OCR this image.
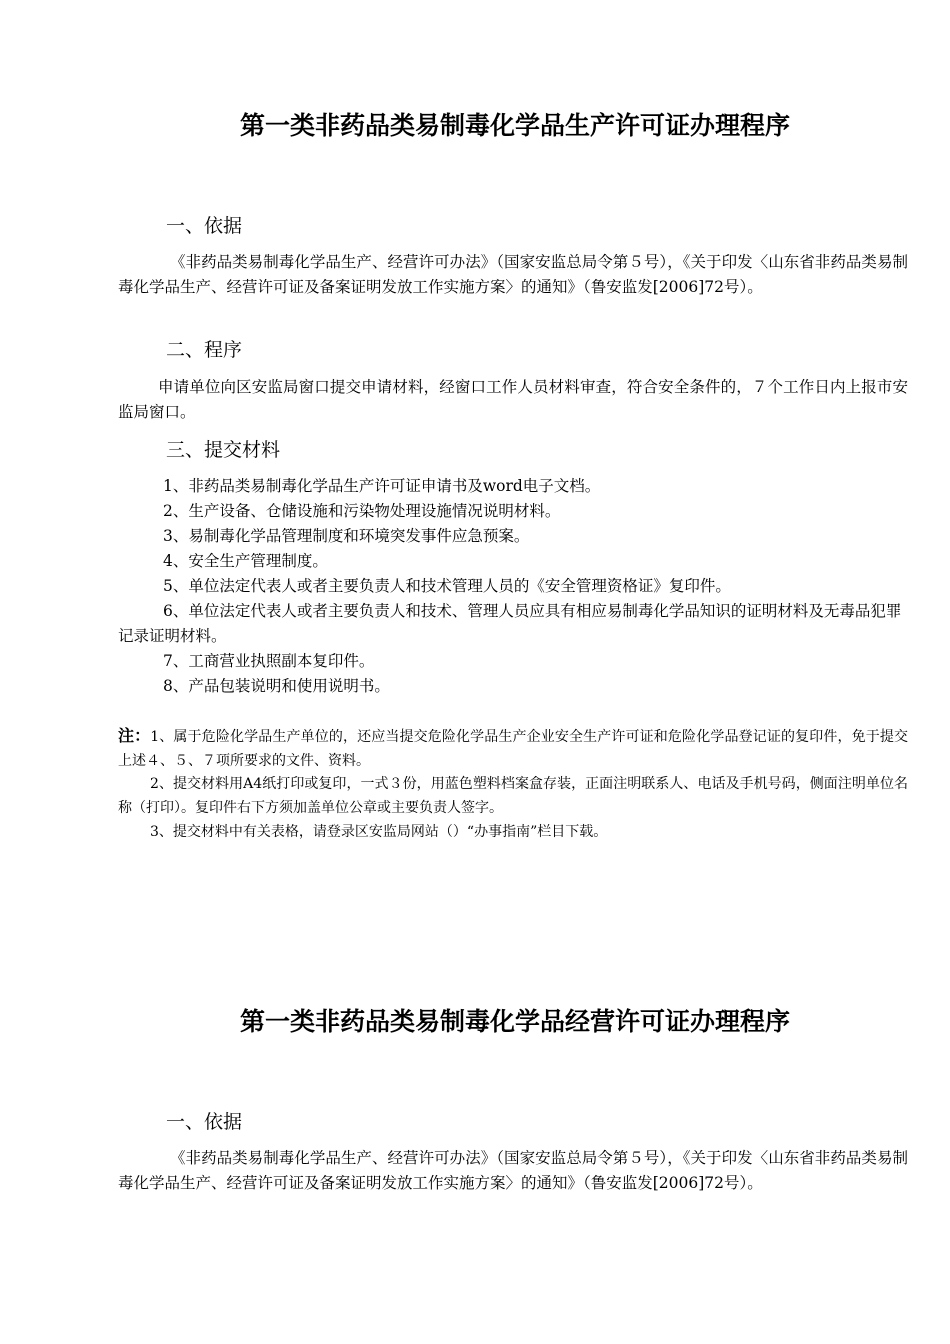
第一类非药品类易制毒化学品生产许可证办理程序
一、依据
《非药品类易制毒化学品生产、经营许可办法》（国家安监总局令第５号），《关于印发〈山东省非药品类易制毒化学品生产、经营许可证及备案证明发放工作实施方案〉的通知》（鲁安监发[2006]72号）。
二、程序
申请单位向区安监局窗口提交申请材料，经窗口工作人员材料审查，符合安全条件的，７个工作日内上报市安监局窗口。
三、提交材料
1、非药品类易制毒化学品生产许可证申请书及word电子文档。
2、生产设备、仓储设施和污染物处理设施情况说明材料。
3、易制毒化学品管理制度和环境突发事件应急预案。
4、安全生产管理制度。
5、单位法定代表人或者主要负责人和技术管理人员的《安全管理资格证》复印件。
6、单位法定代表人或者主要负责人和技术、管理人员应具有相应易制毒化学品知识的证明材料及无毒品犯罪记录证明材料。
7、工商营业执照副本复印件。
8、产品包装说明和使用说明书。
注：1、属于危险化学品生产单位的，还应当提交危险化学品生产企业安全生产许可证和危险化学品登记证的复印件，免于提交上述４、５、７项所要求的文件、资料。
2、提交材料用A4纸打印或复印，一式３份，用蓝色塑料档案盒存装，正面注明联系人、电话及手机号码，侧面注明单位名称（打印）。复印件右下方须加盖单位公章或主要负责人签字。
3、提交材料中有关表格，请登录区安监局网站（）“办事指南”栏目下载。
第一类非药品类易制毒化学品经营许可证办理程序
一、依据
《非药品类易制毒化学品生产、经营许可办法》（国家安监总局令第５号），《关于印发〈山东省非药品类易制毒化学品生产、经营许可证及备案证明发放工作实施方案〉的通知》（鲁安监发[2006]72号）。
